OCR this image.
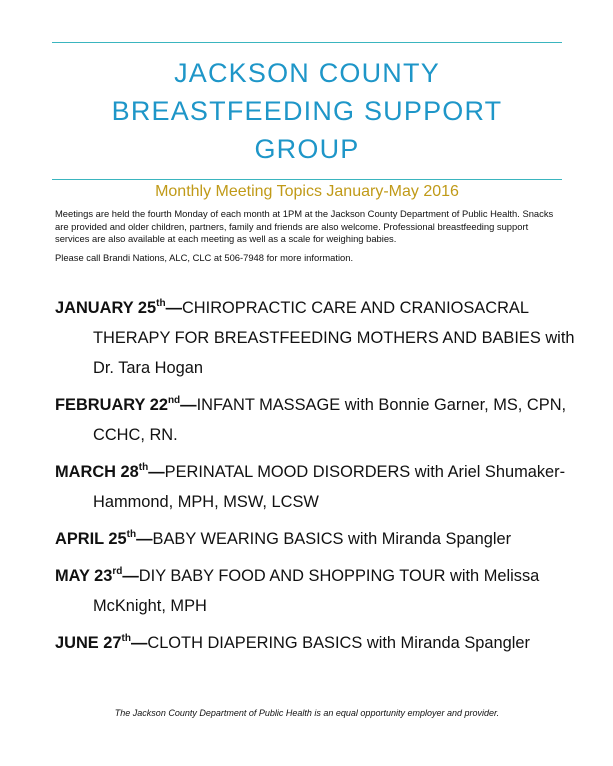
JACKSON COUNTY
BREASTFEEDING SUPPORT
GROUP
Monthly Meeting Topics January-May 2016

Meetings are held the fourth Monday of each month at 1PM at the Jackson County Department of Public Health. Snacks are provided and older children, partners, family and friends are also welcome. Professional breastfeeding support services are also available at each meeting as well as a scale for weighing babies.

Please call Brandi Nations, ALC, CLC at 506-7948 for more information.

JANUARY 25th—CHIROPRACTIC CARE AND CRANIOSACRAL THERAPY FOR BREASTFEEDING MOTHERS AND BABIES with Dr. Tara Hogan

FEBRUARY 22nd—INFANT MASSAGE with Bonnie Garner, MS, CPN, CCHC, RN.

MARCH 28th—PERINATAL MOOD DISORDERS with Ariel Shumaker-Hammond, MPH, MSW, LCSW

APRIL 25th—BABY WEARING BASICS with Miranda Spangler

MAY 23rd—DIY BABY FOOD AND SHOPPING TOUR with Melissa McKnight, MPH

JUNE 27th—CLOTH DIAPERING BASICS with Miranda Spangler

The Jackson County Department of Public Health is an equal opportunity employer and provider.
